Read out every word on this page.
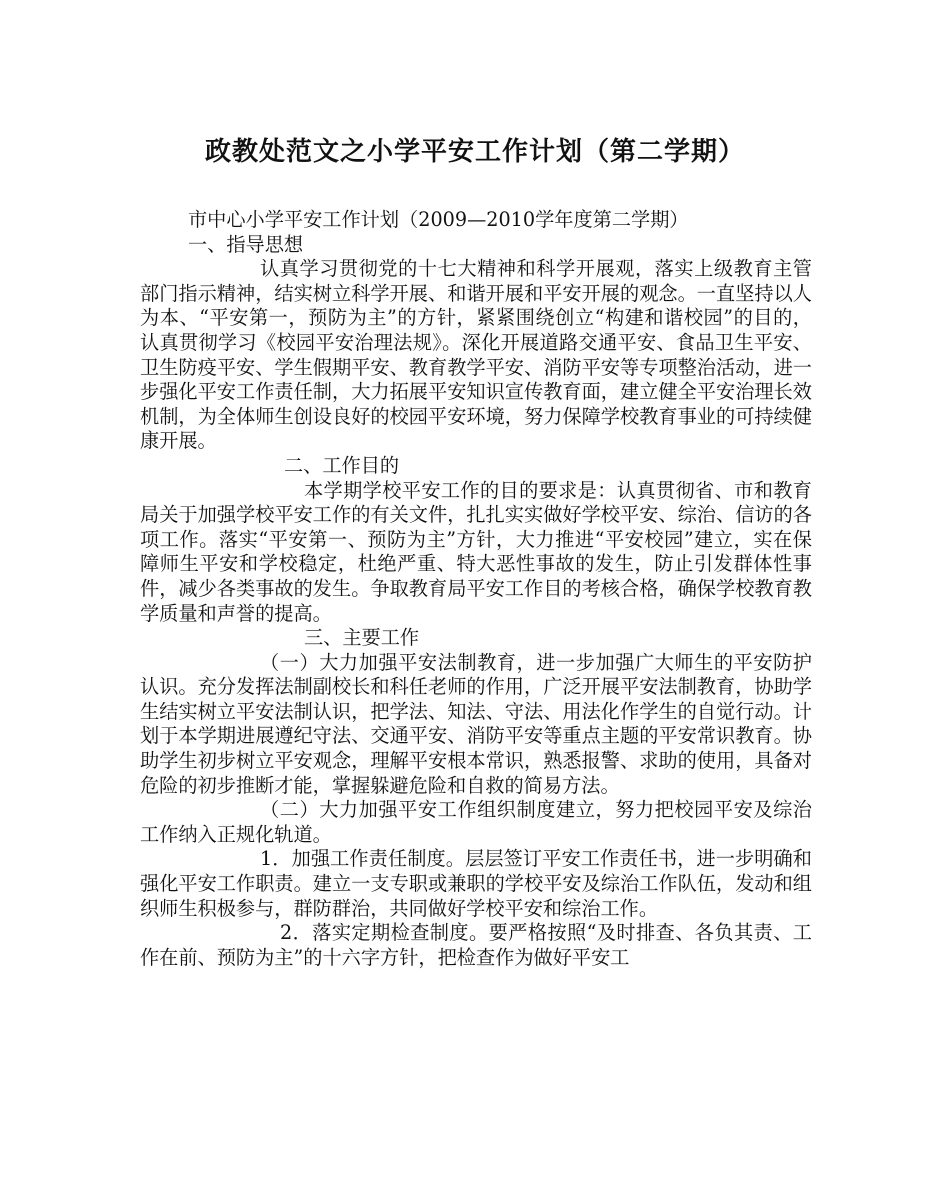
政教处范文之小学平安工作计划（第二学期）
市中心小学平安工作计划（2009—2010学年度第二学期）
一、指导思想
认真学习贯彻党的十七大精神和科学开展观，落实上级教育主管部门指示精神，结实树立科学开展、和谐开展和平安开展的观念。一直坚持以人为本、“平安第一，预防为主”的方针，紧紧围绕创立“构建和谐校园”的目的，认真贯彻学习《校园平安治理法规》。深化开展道路交通平安、食品卫生平安、卫生防疫平安、学生假期平安、教育教学平安、消防平安等专项整治活动，进一步强化平安工作责任制，大力拓展平安知识宣传教育面，建立健全平安治理长效机制，为全体师生创设良好的校园平安环境，努力保障学校教育事业的可持续健康开展。
二、工作目的
本学期学校平安工作的目的要求是：认真贯彻省、市和教育局关于加强学校平安工作的有关文件，扎扎实实做好学校平安、综治、信访的各项工作。落实“平安第一、预防为主”方针，大力推进“平安校园”建立，实在保障师生平安和学校稳定，杜绝严重、特大恶性事故的发生，防止引发群体性事件，减少各类事故的发生。争取教育局平安工作目的考核合格，确保学校教育教学质量和声誉的提高。
三、主要工作
（一）大力加强平安法制教育，进一步加强广大师生的平安防护认识。充分发挥法制副校长和科任老师的作用，广泛开展平安法制教育，协助学生结实树立平安法制认识，把学法、知法、守法、用法化作学生的自觉行动。计划于本学期进展遵纪守法、交通平安、消防平安等重点主题的平安常识教育。协助学生初步树立平安观念，理解平安根本常识，熟悉报警、求助的使用，具备对危险的初步推断才能，掌握躲避危险和自救的简易方法。
（二）大力加强平安工作组织制度建立，努力把校园平安及综治工作纳入正规化轨道。
1．加强工作责任制度。层层签订平安工作责任书，进一步明确和强化平安工作职责。建立一支专职或兼职的学校平安及综治工作队伍，发动和组织师生积极参与，群防群治，共同做好学校平安和综治工作。
2．落实定期检查制度。要严格按照“及时排查、各负其责、工作在前、预防为主”的十六字方针，把检查作为做好平安工
